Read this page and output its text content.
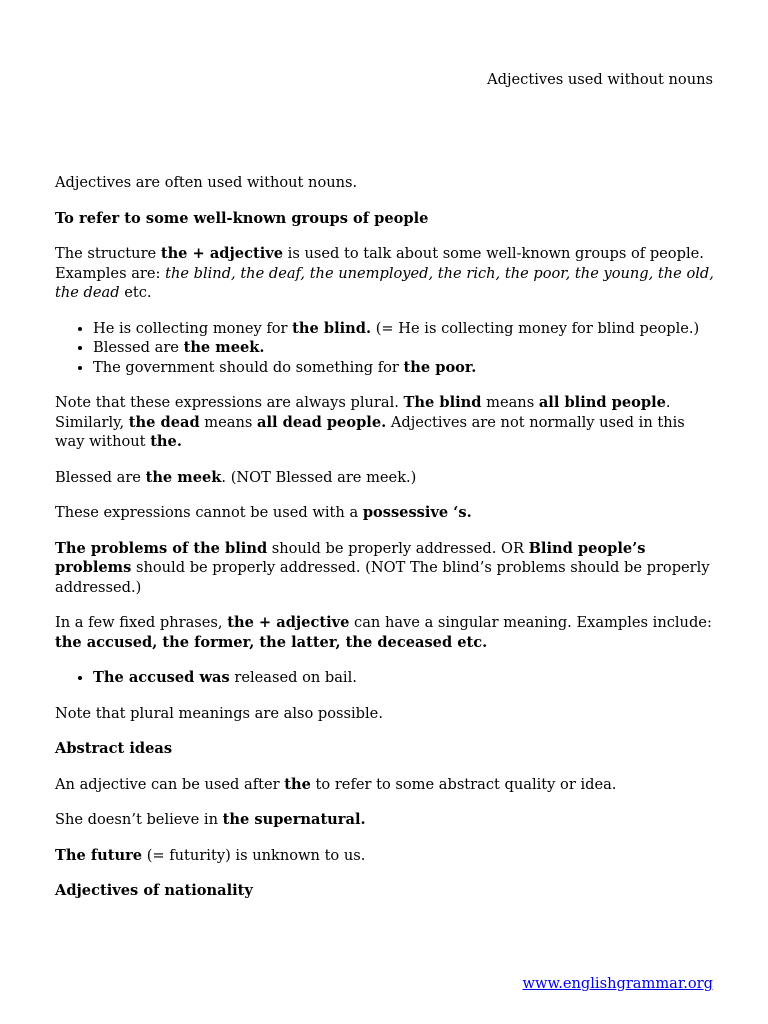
Adjectives used without nouns

Adjectives are often used without nouns.

To refer to some well-known groups of people

The structure the + adjective is used to talk about some well-known groups of people. Examples are: the blind, the deaf, the unemployed, the rich, the poor, the young, the old, the dead etc.

• He is collecting money for the blind. (= He is collecting money for blind people.)
• Blessed are the meek.
• The government should do something for the poor.

Note that these expressions are always plural. The blind means all blind people. Similarly, the dead means all dead people. Adjectives are not normally used in this way without the.

Blessed are the meek. (NOT Blessed are meek.)

These expressions cannot be used with a possessive ‘s.

The problems of the blind should be properly addressed. OR Blind people’s problems should be properly addressed. (NOT The blind’s problems should be properly addressed.)

In a few fixed phrases, the + adjective can have a singular meaning. Examples include: the accused, the former, the latter, the deceased etc.

• The accused was released on bail.

Note that plural meanings are also possible.

Abstract ideas

An adjective can be used after the to refer to some abstract quality or idea.

She doesn’t believe in the supernatural.

The future (= futurity) is unknown to us.

Adjectives of nationality

www.englishgrammar.org
